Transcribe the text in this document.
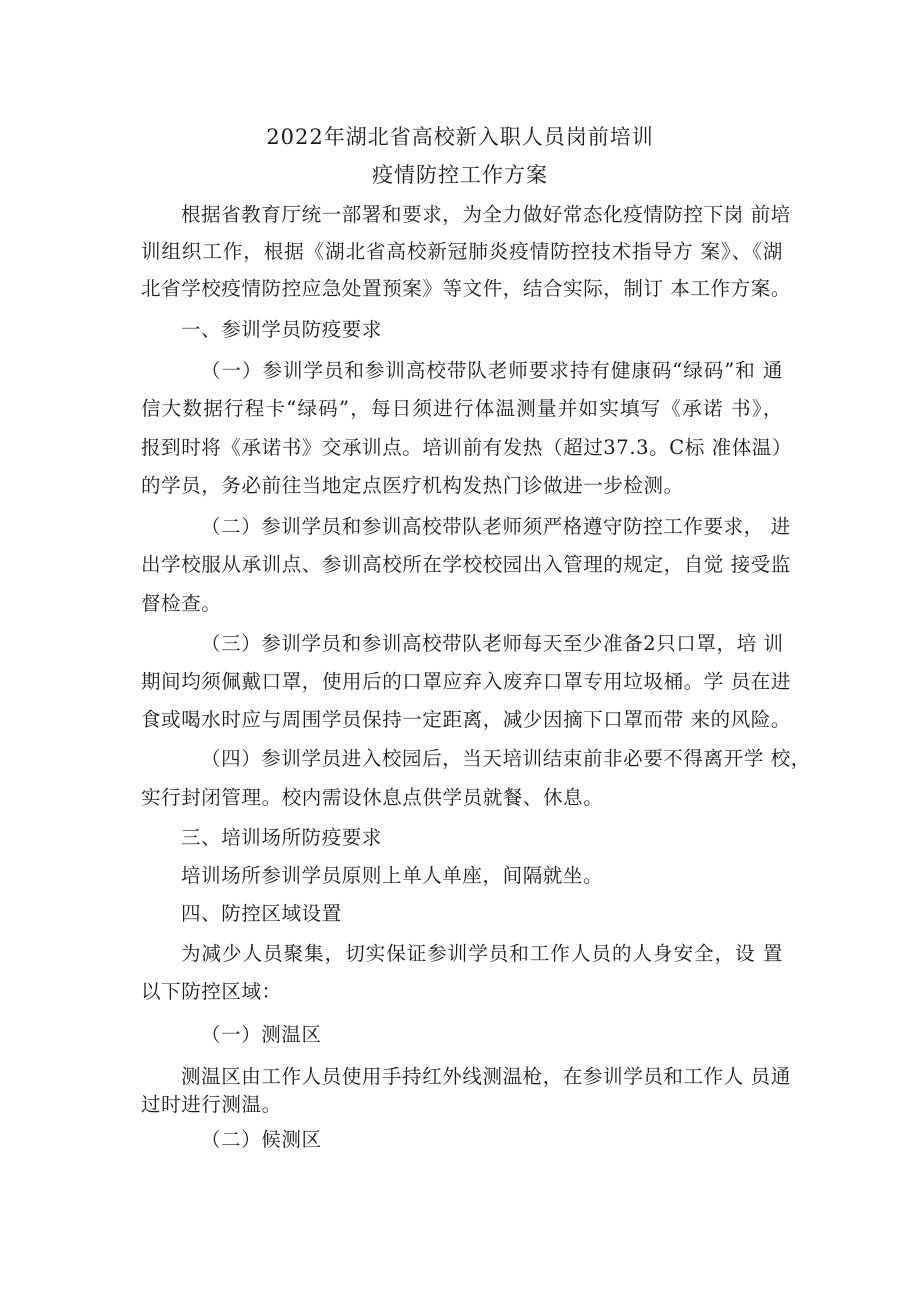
2022年湖北省高校新入职人员岗前培训
疫情防控工作方案
根据省教育厅统一部署和要求，为全力做好常态化疫情防控下岗 前培
训组织工作，根据《湖北省高校新冠肺炎疫情防控技术指导方 案》、《湖
北省学校疫情防控应急处置预案》等文件，结合实际，制订 本工作方案。
一、参训学员防疫要求
（一）参训学员和参训高校带队老师要求持有健康码“绿码”和 通
信大数据行程卡“绿码”，每日须进行体温测量并如实填写《承诺 书》，
报到时将《承诺书》交承训点。培训前有发热（超过37.3。C标 准体温）
的学员，务必前往当地定点医疗机构发热门诊做进一步检测。
（二）参训学员和参训高校带队老师须严格遵守防控工作要求， 进
出学校服从承训点、参训高校所在学校校园出入管理的规定，自觉 接受监
督检查。
（三）参训学员和参训高校带队老师每天至少准备2只口罩，培 训
期间均须佩戴口罩，使用后的口罩应弃入废弃口罩专用垃圾桶。学 员在进
食或喝水时应与周围学员保持一定距离，减少因摘下口罩而带 来的风险。
（四）参训学员进入校园后，当天培训结束前非必要不得离开学 校，
实行封闭管理。校内需设休息点供学员就餐、休息。
三、培训场所防疫要求
培训场所参训学员原则上单人单座，间隔就坐。
四、防控区域设置
为减少人员聚集，切实保证参训学员和工作人员的人身安全，设 置
以下防控区域：
（一）测温区
测温区由工作人员使用手持红外线测温枪，在参训学员和工作人 员通
过时进行测温。
（二）候测区
